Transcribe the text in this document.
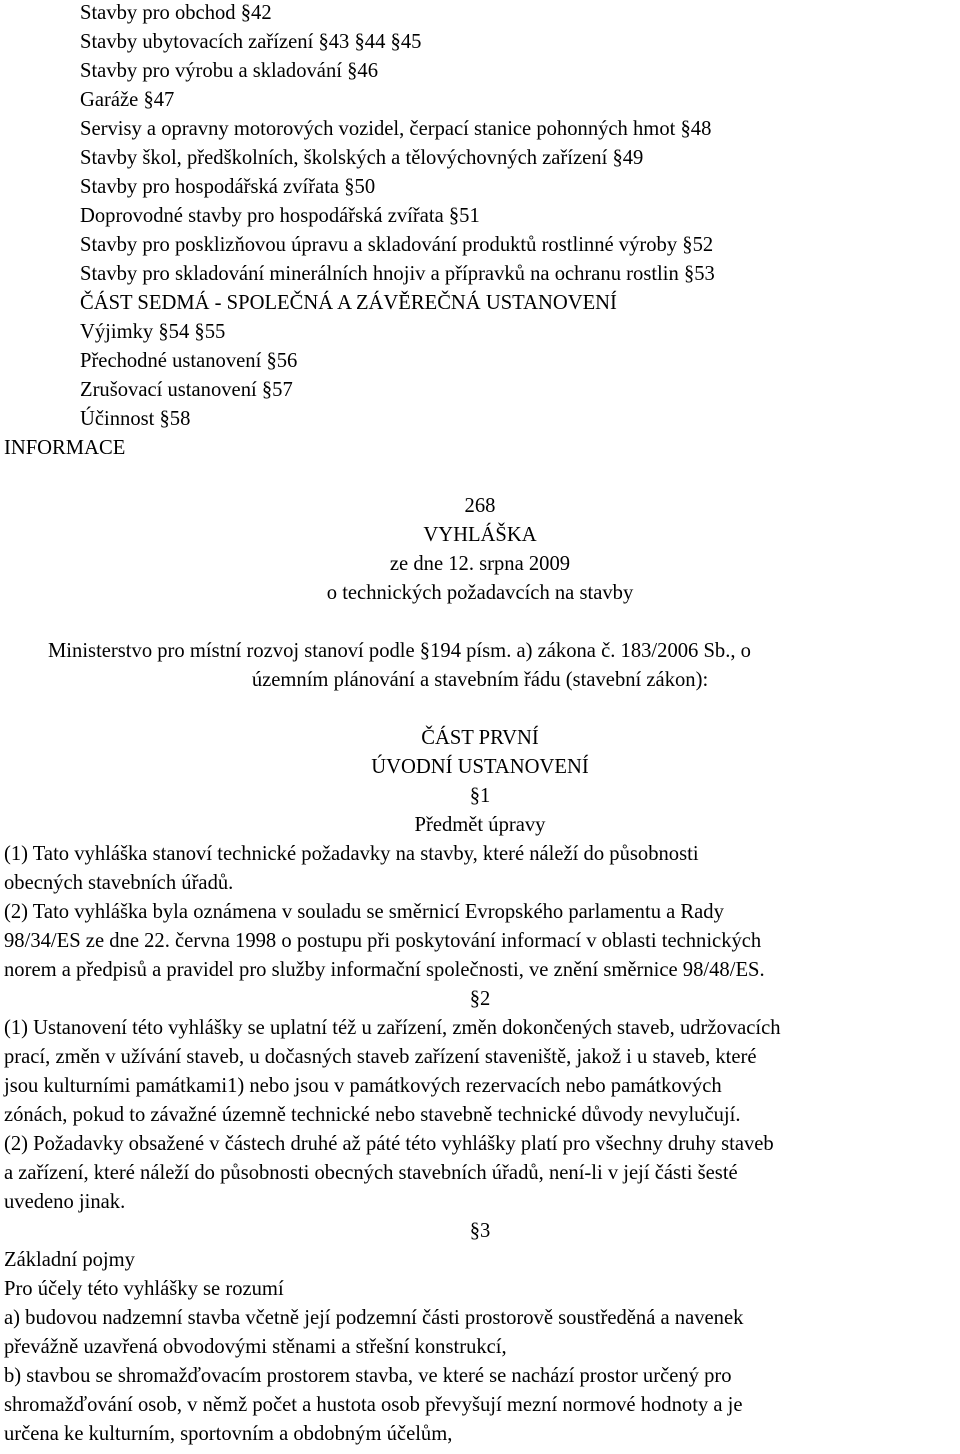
Stavby pro obchod §42
Stavby ubytovacích zařízení §43 §44 §45
Stavby pro výrobu a skladování §46
Garáže §47
Servisy a opravny motorových vozidel, čerpací stanice pohonných hmot §48
Stavby škol, předškolních, školských a tělovýchovných zařízení §49
Stavby pro hospodářská zvířata §50
Doprovodné stavby pro hospodářská zvířata §51
Stavby pro posklizňovou úpravu a skladování produktů rostlinné výroby §52
Stavby pro skladování minerálních hnojiv a přípravků na ochranu rostlin §53
ČÁST SEDMÁ - SPOLEČNÁ A ZÁVĚREČNÁ USTANOVENÍ
Výjimky §54 §55
Přechodné ustanovení §56
Zrušovací ustanovení §57
Účinnost §58
INFORMACE
268
VYHLÁŠKA
ze dne 12. srpna 2009
o technických požadavcích na stavby
Ministerstvo pro místní rozvoj stanoví podle §194 písm. a) zákona č. 183/2006 Sb., o
územním plánování a stavebním řádu (stavební zákon):
ČÁST PRVNÍ
ÚVODNÍ USTANOVENÍ
§1
Předmět úpravy
(1) Tato vyhláška stanoví technické požadavky na stavby, které náleží do působnosti
obecných stavebních úřadů.
(2) Tato vyhláška byla oznámena v souladu se směrnicí Evropského parlamentu a Rady
98/34/ES ze dne 22. června 1998 o postupu při poskytování informací v oblasti technických
norem a předpisů a pravidel pro služby informační společnosti, ve znění směrnice 98/48/ES.
§2
(1) Ustanovení této vyhlášky se uplatní též u zařízení, změn dokončených staveb, udržovacích
prací, změn v užívání staveb, u dočasných staveb zařízení staveniště, jakož i u staveb, které
jsou kulturními památkami1) nebo jsou v památkových rezervacích nebo památkových
zónách, pokud to závažné územně technické nebo stavebně technické důvody nevylučují.
(2) Požadavky obsažené v částech druhé až páté této vyhlášky platí pro všechny druhy staveb
a zařízení, které náleží do působnosti obecných stavebních úřadů, není-li v její části šesté
uvedeno jinak.
§3
Základní pojmy
Pro účely této vyhlášky se rozumí
a) budovou nadzemní stavba včetně její podzemní části prostorově soustředěná a navenek
převážně uzavřená obvodovými stěnami a střešní konstrukcí,
b) stavbou se shromažďovacím prostorem stavba, ve které se nachází prostor určený pro
shromažďování osob, v němž počet a hustota osob převyšují mezní normové hodnoty a je
určena ke kulturním, sportovním a obdobným účelům,
